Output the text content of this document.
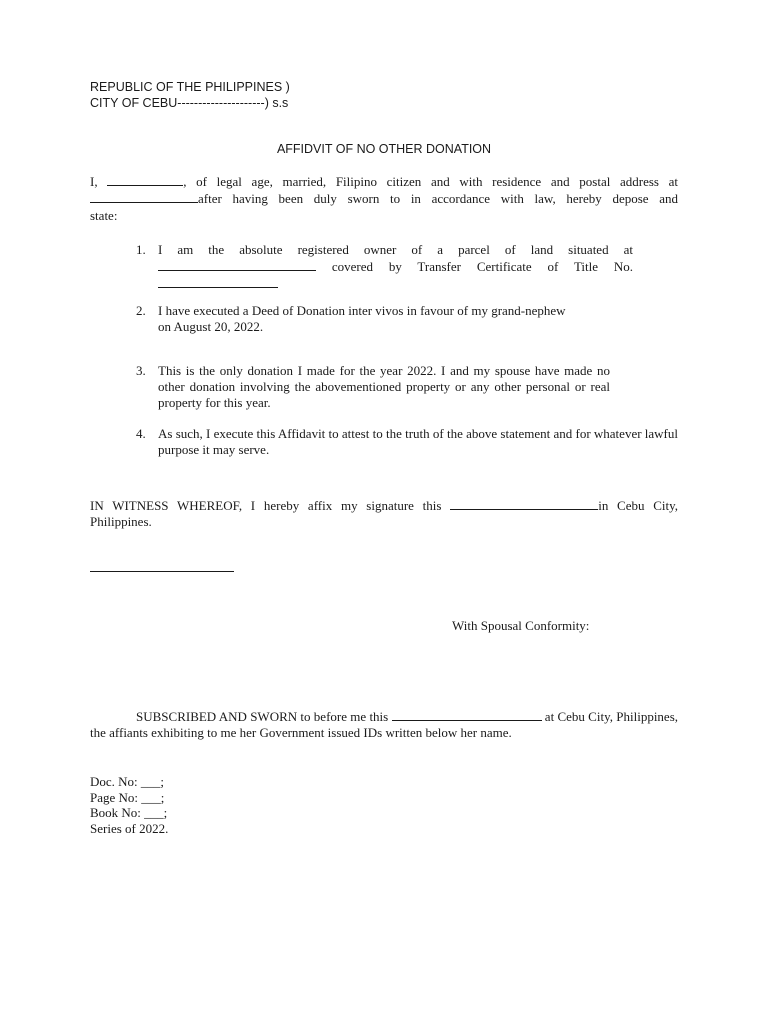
REPUBLIC OF THE PHILIPPINES )
CITY OF CEBU---------------------) s.s
AFFIDVIT OF NO OTHER DONATION
I,	, of legal age, married, Filipino citizen and with residence and postal address at
after having been duly sworn to in accordance with law, hereby depose and
state:
1. I am the absolute registered owner of a parcel of land situated at
covered by Transfer Certificate of Title No.
2. I have executed a Deed of Donation inter vivos in favour of my grand-nephew
on August 20, 2022.
3. This is the only donation I made for the year 2022. I and my spouse have made no other donation involving the abovementioned property or any other personal or real property for this year.
4. As such, I execute this Affidavit to attest to the truth of the above statement and for whatever lawful purpose it may serve.
IN WITNESS WHEREOF, I hereby affix my signature this	in Cebu City, Philippines.
With Spousal Conformity:
SUBSCRIBED AND SWORN to before me this	at Cebu City, Philippines, the affiants exhibiting to me her Government issued IDs written below her name.
Doc. No: ___;
Page No: ___;
Book No: ___;
Series of 2022.
